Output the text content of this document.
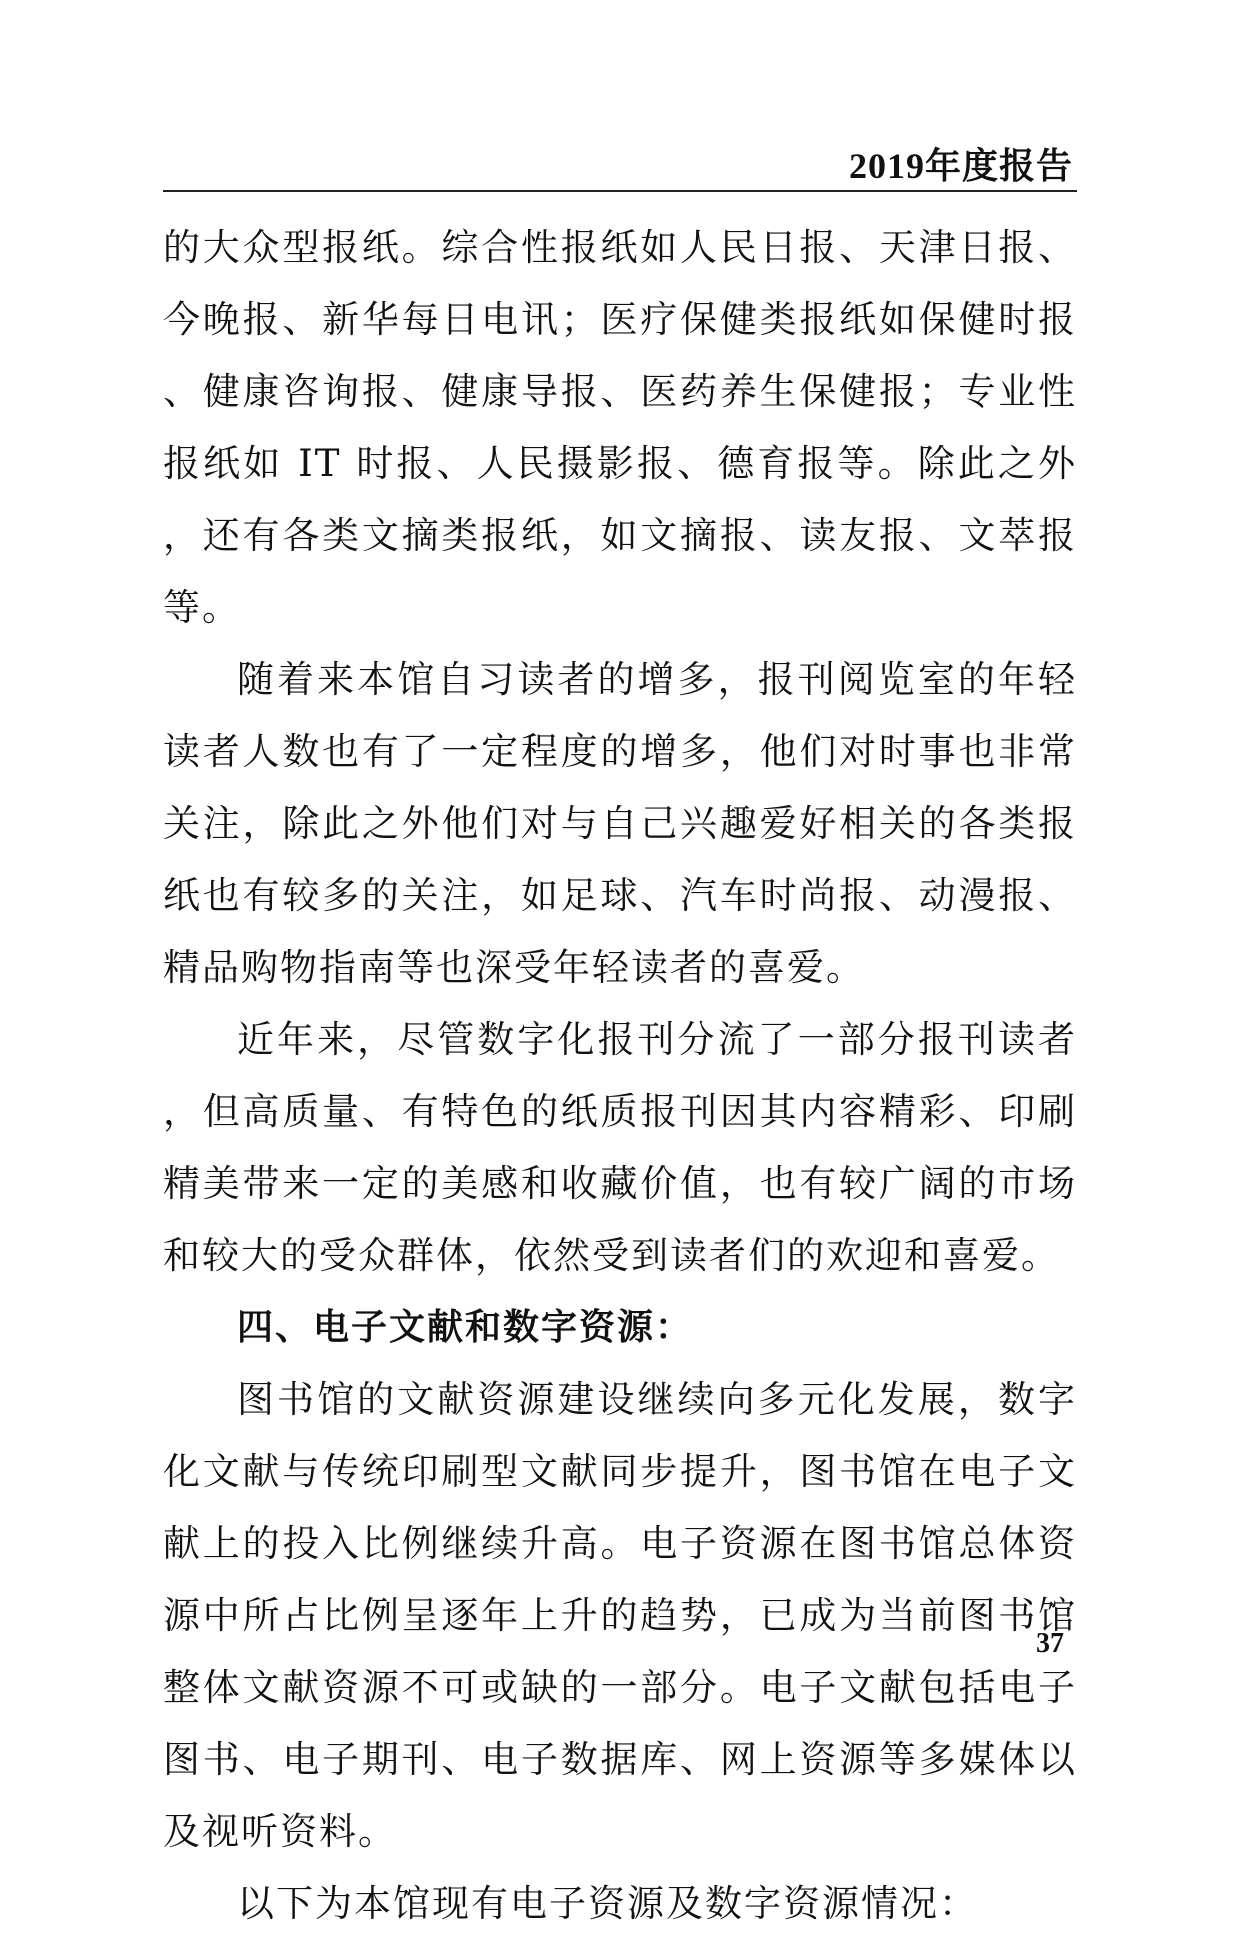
2019年度报告

的大众型报纸。综合性报纸如人民日报、天津日报、今晚报、新华每日电讯；医疗保健类报纸如保健时报、健康咨询报、健康导报、医药养生保健报；专业性报纸如 IT 时报、人民摄影报、德育报等。除此之外，还有各类文摘类报纸，如文摘报、读友报、文萃报等。

随着来本馆自习读者的增多，报刊阅览室的年轻读者人数也有了一定程度的增多，他们对时事也非常关注，除此之外他们对与自己兴趣爱好相关的各类报纸也有较多的关注，如足球、汽车时尚报、动漫报、精品购物指南等也深受年轻读者的喜爱。

近年来，尽管数字化报刊分流了一部分报刊读者，但高质量、有特色的纸质报刊因其内容精彩、印刷精美带来一定的美感和收藏价值，也有较广阔的市场和较大的受众群体，依然受到读者们的欢迎和喜爱。

四、电子文献和数字资源：

图书馆的文献资源建设继续向多元化发展，数字化文献与传统印刷型文献同步提升，图书馆在电子文献上的投入比例继续升高。电子资源在图书馆总体资源中所占比例呈逐年上升的趋势，已成为当前图书馆整体文献资源不可或缺的一部分。电子文献包括电子图书、电子期刊、电子数据库、网上资源等多媒体以及视听资料。

以下为本馆现有电子资源及数字资源情况：

37
